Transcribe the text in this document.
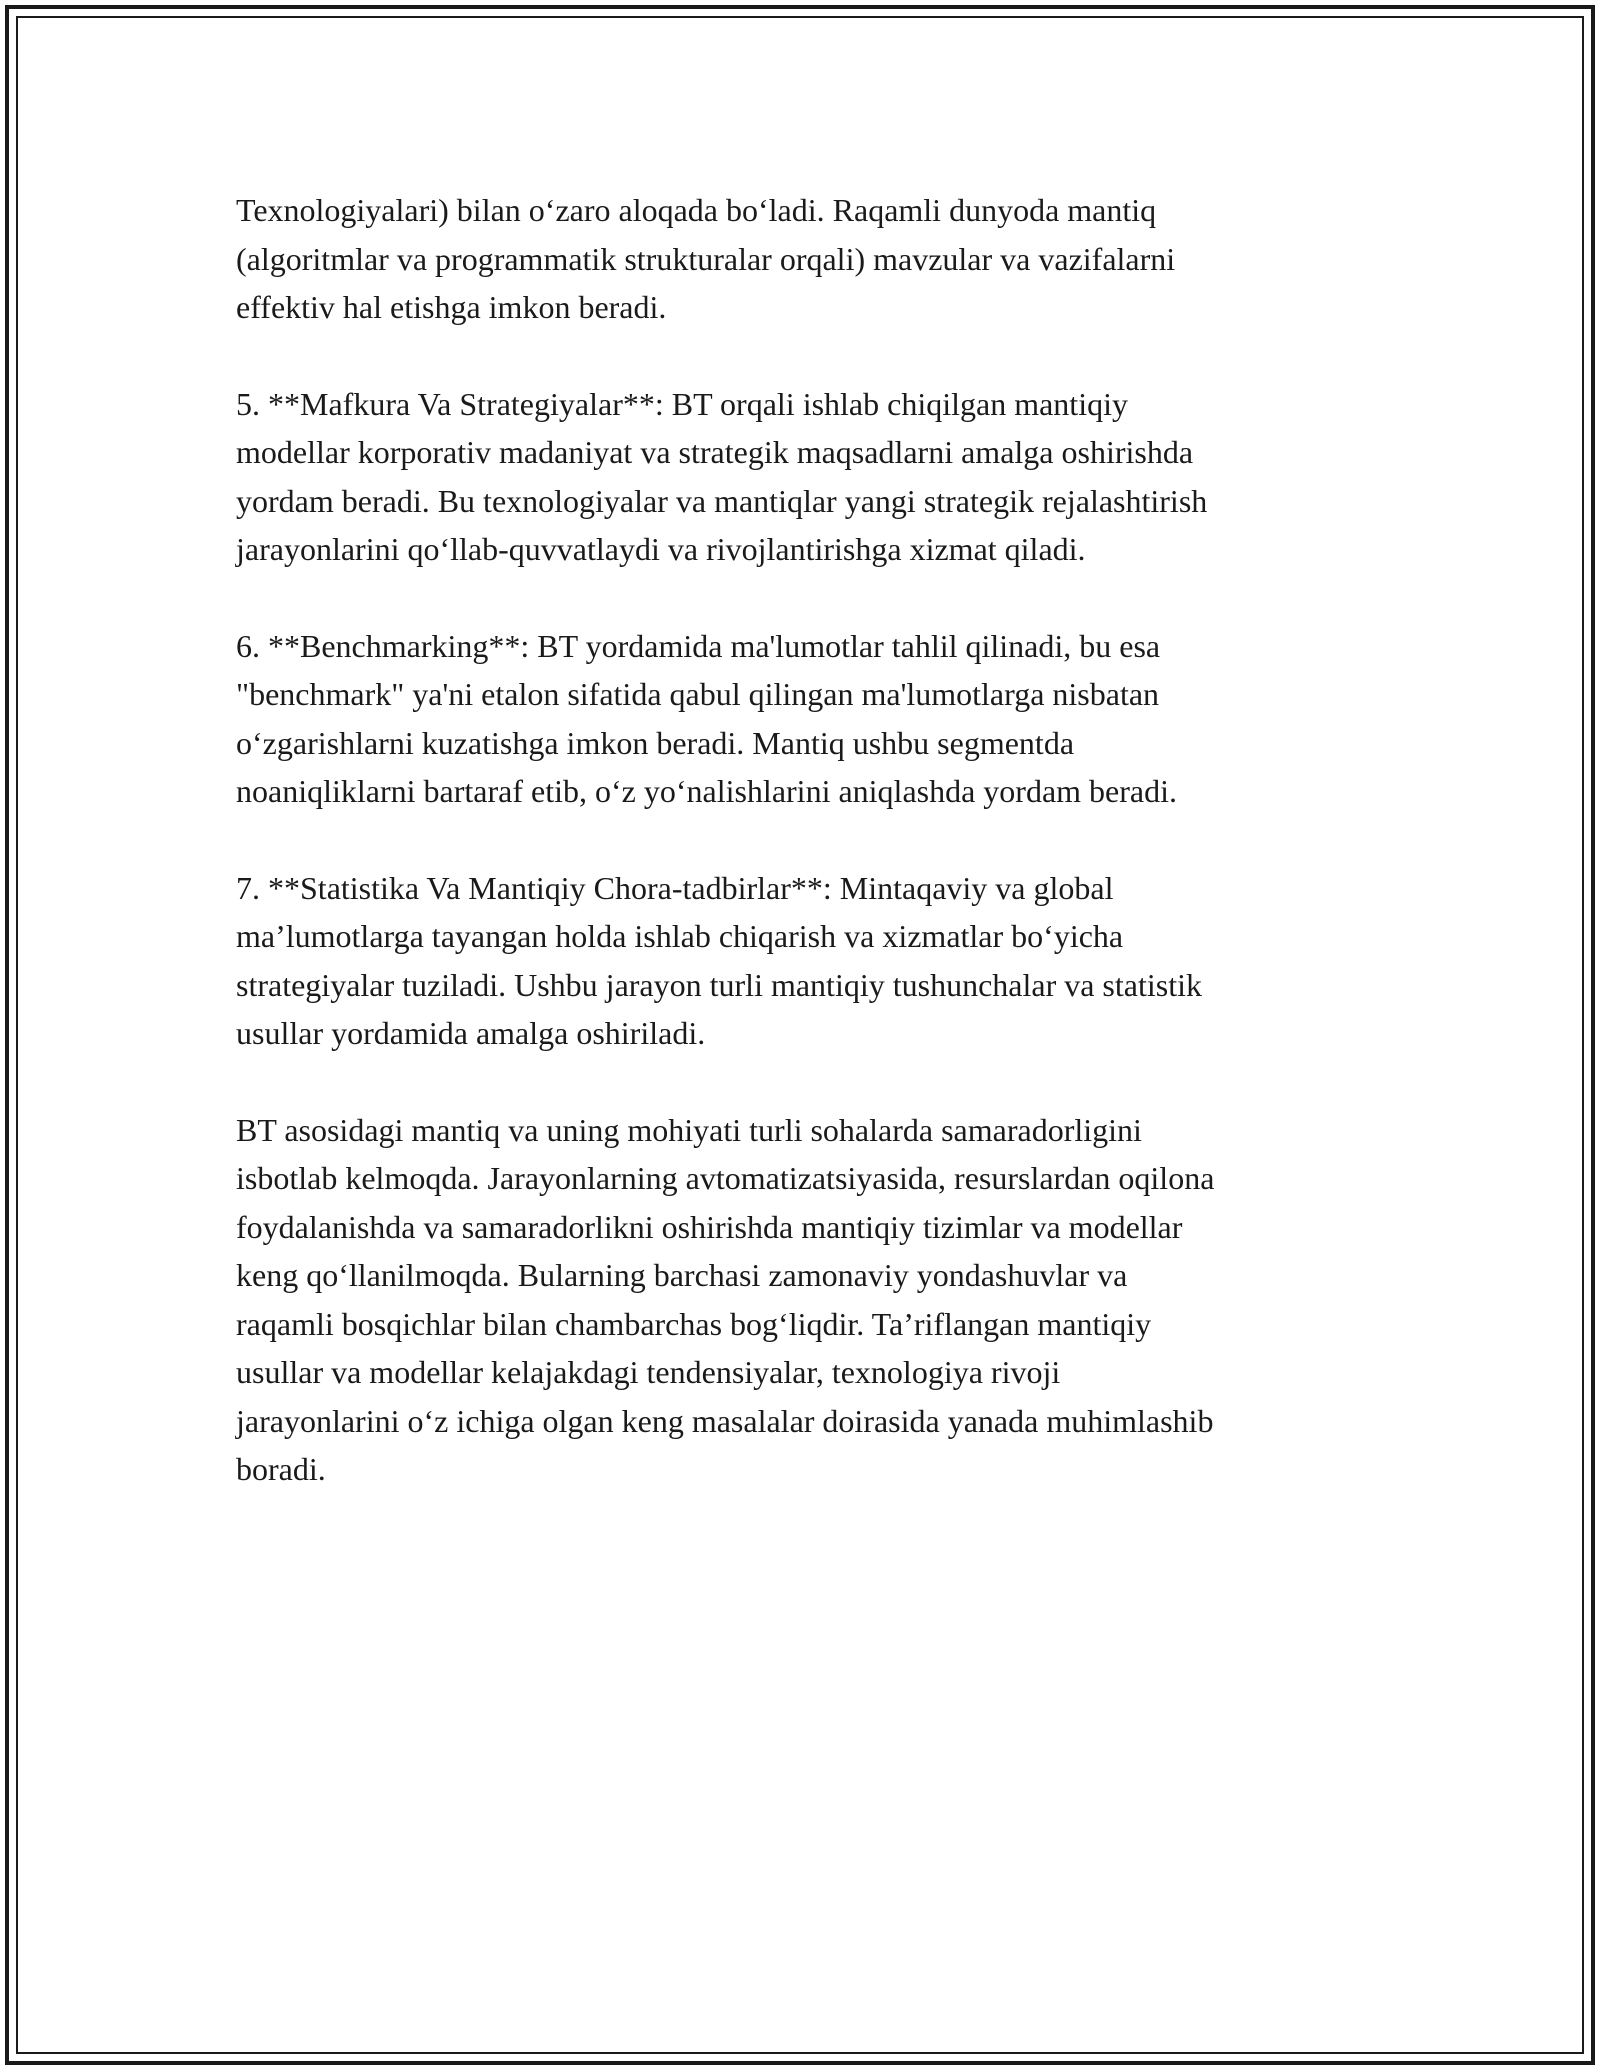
Texnologiyalari) bilan o‘zaro aloqada bo‘ladi. Raqamli dunyoda mantiq
(algoritmlar va programmatik strukturalar orqali) mavzular va vazifalarni
effektiv hal etishga imkon beradi.

5. **Mafkura Va Strategiyalar**: BT orqali ishlab chiqilgan mantiqiy
modellar korporativ madaniyat va strategik maqsadlarni amalga oshirishda
yordam beradi. Bu texnologiyalar va mantiqlar yangi strategik rejalashtirish
jarayonlarini qo‘llab-quvvatlaydi va rivojlantirishga xizmat qiladi.

6. **Benchmarking**: BT yordamida ma'lumotlar tahlil qilinadi, bu esa
"benchmark" ya'ni etalon sifatida qabul qilingan ma'lumotlarga nisbatan
o‘zgarishlarni kuzatishga imkon beradi. Mantiq ushbu segmentda
noaniqliklarni bartaraf etib, o‘z yo‘nalishlarini aniqlashda yordam beradi.

7. **Statistika Va Mantiqiy Chora-tadbirlar**: Mintaqaviy va global
ma’lumotlarga tayangan holda ishlab chiqarish va xizmatlar bo‘yicha
strategiyalar tuziladi. Ushbu jarayon turli mantiqiy tushunchalar va statistik
usullar yordamida amalga oshiriladi.

BT asosidagi mantiq va uning mohiyati turli sohalarda samaradorligini
isbotlab kelmoqda. Jarayonlarning avtomatizatsiyasida, resurslardan oqilona
foydalanishda va samaradorlikni oshirishda mantiqiy tizimlar va modellar
keng qo‘llanilmoqda. Bularning barchasi zamonaviy yondashuvlar va
raqamli bosqichlar bilan chambarchas bog‘liqdir. Ta’riflangan mantiqiy
usullar va modellar kelajakdagi tendensiyalar, texnologiya rivoji
jarayonlarini o‘z ichiga olgan keng masalalar doirasida yanada muhimlashib
boradi.
